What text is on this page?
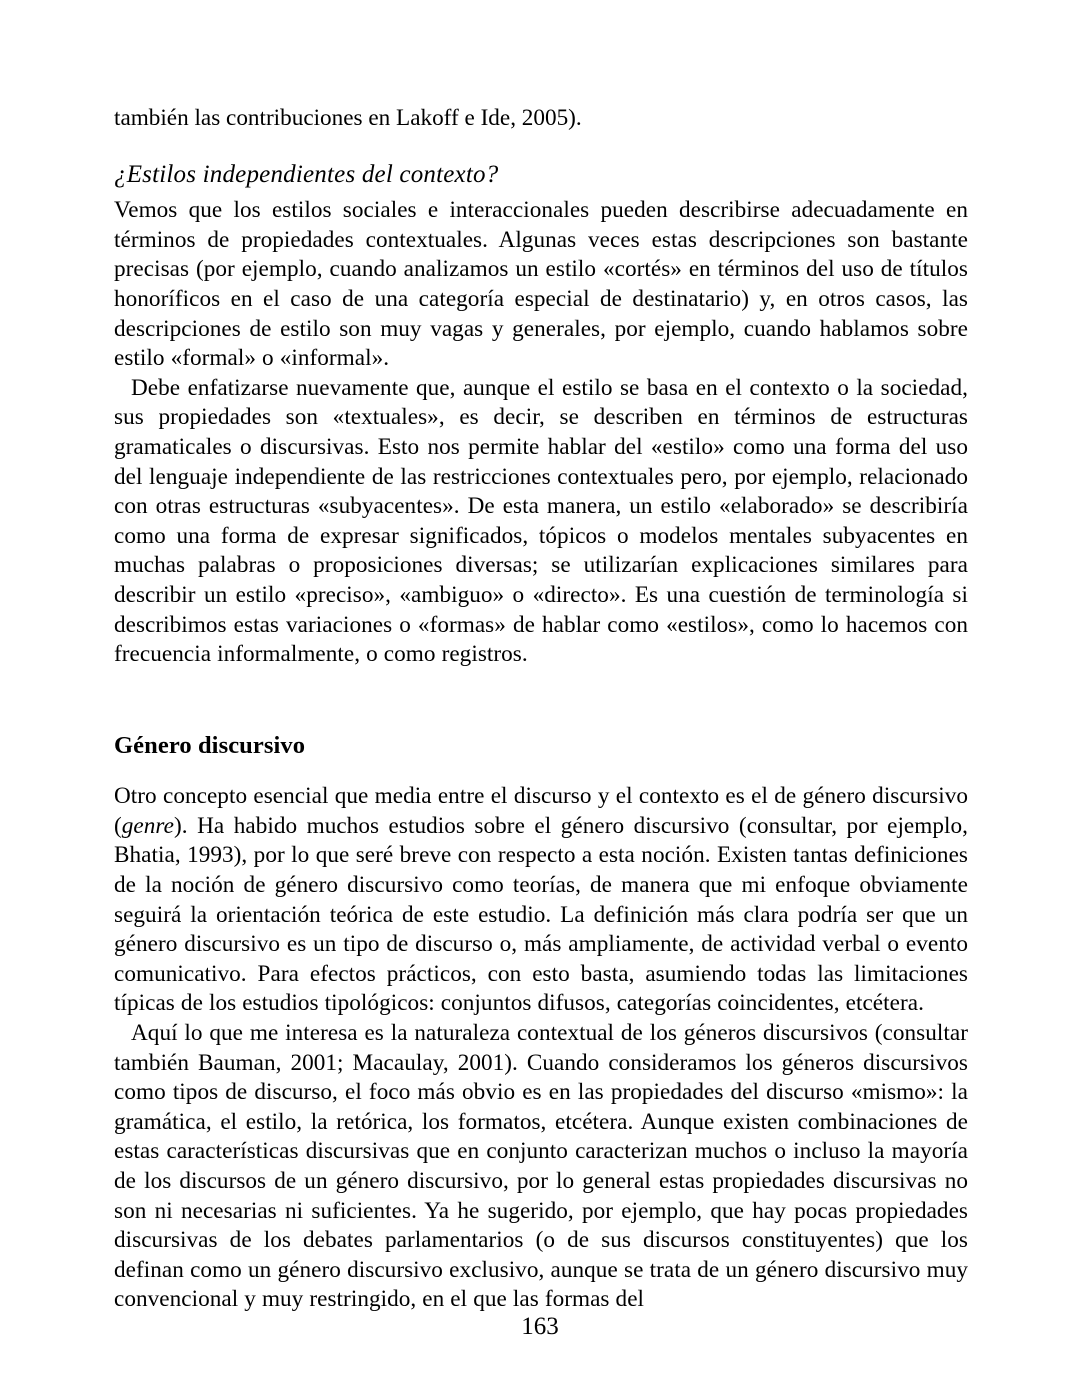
también las contribuciones en Lakoff e Ide, 2005).

¿Estilos independientes del contexto?

Vemos que los estilos sociales e interaccionales pueden describirse adecuadamente en términos de propiedades contextuales. Algunas veces estas descripciones son bastante precisas (por ejemplo, cuando analizamos un estilo «cortés» en términos del uso de títulos honoríficos en el caso de una categoría especial de destinatario) y, en otros casos, las descripciones de estilo son muy vagas y generales, por ejemplo, cuando hablamos sobre estilo «formal» o «informal».

Debe enfatizarse nuevamente que, aunque el estilo se basa en el contexto o la sociedad, sus propiedades son «textuales», es decir, se describen en términos de estructuras gramaticales o discursivas. Esto nos permite hablar del «estilo» como una forma del uso del lenguaje independiente de las restricciones contextuales pero, por ejemplo, relacionado con otras estructuras «subyacentes». De esta manera, un estilo «elaborado» se describiría como una forma de expresar significados, tópicos o modelos mentales subyacentes en muchas palabras o proposiciones diversas; se utilizarían explicaciones similares para describir un estilo «preciso», «ambiguo» o «directo». Es una cuestión de terminología si describimos estas variaciones o «formas» de hablar como «estilos», como lo hacemos con frecuencia informalmente, o como registros.

Género discursivo

Otro concepto esencial que media entre el discurso y el contexto es el de género discursivo (genre). Ha habido muchos estudios sobre el género discursivo (consultar, por ejemplo, Bhatia, 1993), por lo que seré breve con respecto a esta noción. Existen tantas definiciones de la noción de género discursivo como teorías, de manera que mi enfoque obviamente seguirá la orientación teórica de este estudio. La definición más clara podría ser que un género discursivo es un tipo de discurso o, más ampliamente, de actividad verbal o evento comunicativo. Para efectos prácticos, con esto basta, asumiendo todas las limitaciones típicas de los estudios tipológicos: conjuntos difusos, categorías coincidentes, etcétera.

Aquí lo que me interesa es la naturaleza contextual de los géneros discursivos (consultar también Bauman, 2001; Macaulay, 2001). Cuando consideramos los géneros discursivos como tipos de discurso, el foco más obvio es en las propiedades del discurso «mismo»: la gramática, el estilo, la retórica, los formatos, etcétera. Aunque existen combinaciones de estas características discursivas que en conjunto caracterizan muchos o incluso la mayoría de los discursos de un género discursivo, por lo general estas propiedades discursivas no son ni necesarias ni suficientes. Ya he sugerido, por ejemplo, que hay pocas propiedades discursivas de los debates parlamentarios (o de sus discursos constituyentes) que los definan como un género discursivo exclusivo, aunque se trata de un género discursivo muy convencional y muy restringido, en el que las formas del

163
